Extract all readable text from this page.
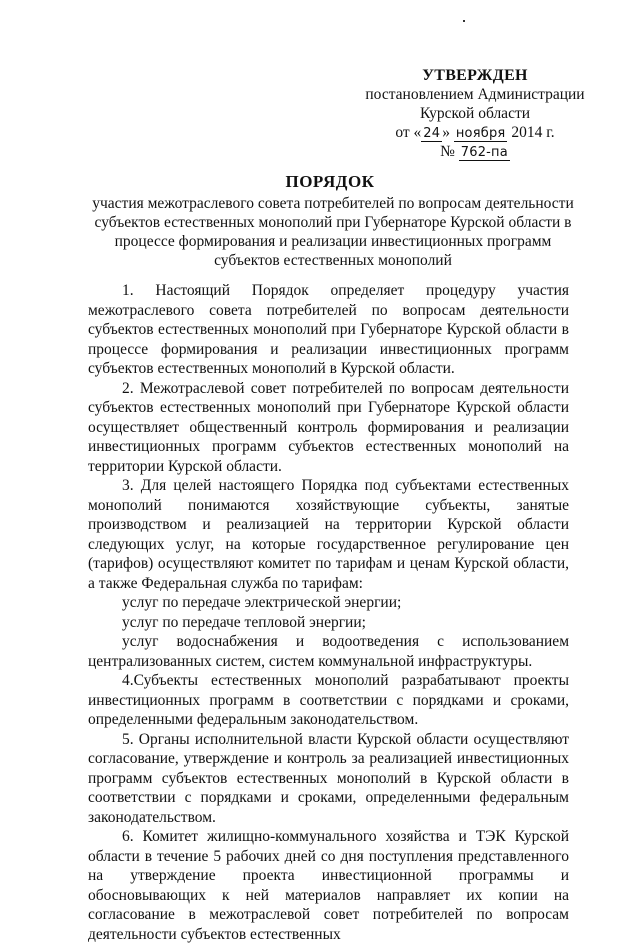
УТВЕРЖДЕН
постановлением Администрации
Курской области
от « 24 » ноября 2014 г.
№ 762-па
ПОРЯДОК
участия межотраслевого совета потребителей по вопросам деятельности субъектов естественных монополий при Губернаторе Курской области в процессе формирования и реализации инвестиционных программ субъектов естественных монополий

1. Настоящий Порядок определяет процедуру участия межотраслевого совета потребителей по вопросам деятельности субъектов естественных монополий при Губернаторе Курской области в процессе формирования и реализации инвестиционных программ субъектов естественных монополий в Курской области.

2. Межотраслевой совет потребителей по вопросам деятельности субъектов естественных монополий при Губернаторе Курской области осуществляет общественный контроль формирования и реализации инвестиционных программ субъектов естественных монополий на территории Курской области.

3. Для целей настоящего Порядка под субъектами естественных монополий понимаются хозяйствующие субъекты, занятые производством и реализацией на территории Курской области следующих услуг, на которые государственное регулирование цен (тарифов) осуществляют комитет по тарифам и ценам Курской области, а также Федеральная служба по тарифам:

услуг по передаче электрической энергии;

услуг по передаче тепловой энергии;

услуг водоснабжения и водоотведения с использованием централизованных систем, систем коммунальной инфраструктуры.

4.Субъекты естественных монополий разрабатывают проекты инвестиционных программ в соответствии с порядками и сроками, определенными федеральным законодательством.

5. Органы исполнительной власти Курской области осуществляют согласование, утверждение и контроль за реализацией инвестиционных программ субъектов естественных монополий в Курской области в соответствии с порядками и сроками, определенными федеральным законодательством.

6. Комитет жилищно-коммунального хозяйства и ТЭК Курской области в течение 5 рабочих дней со дня поступления представленного на утверждение проекта инвестиционной программы и обосновывающих к ней материалов направляет их копии на согласование в межотраслевой совет потребителей по вопросам деятельности субъектов естественных
